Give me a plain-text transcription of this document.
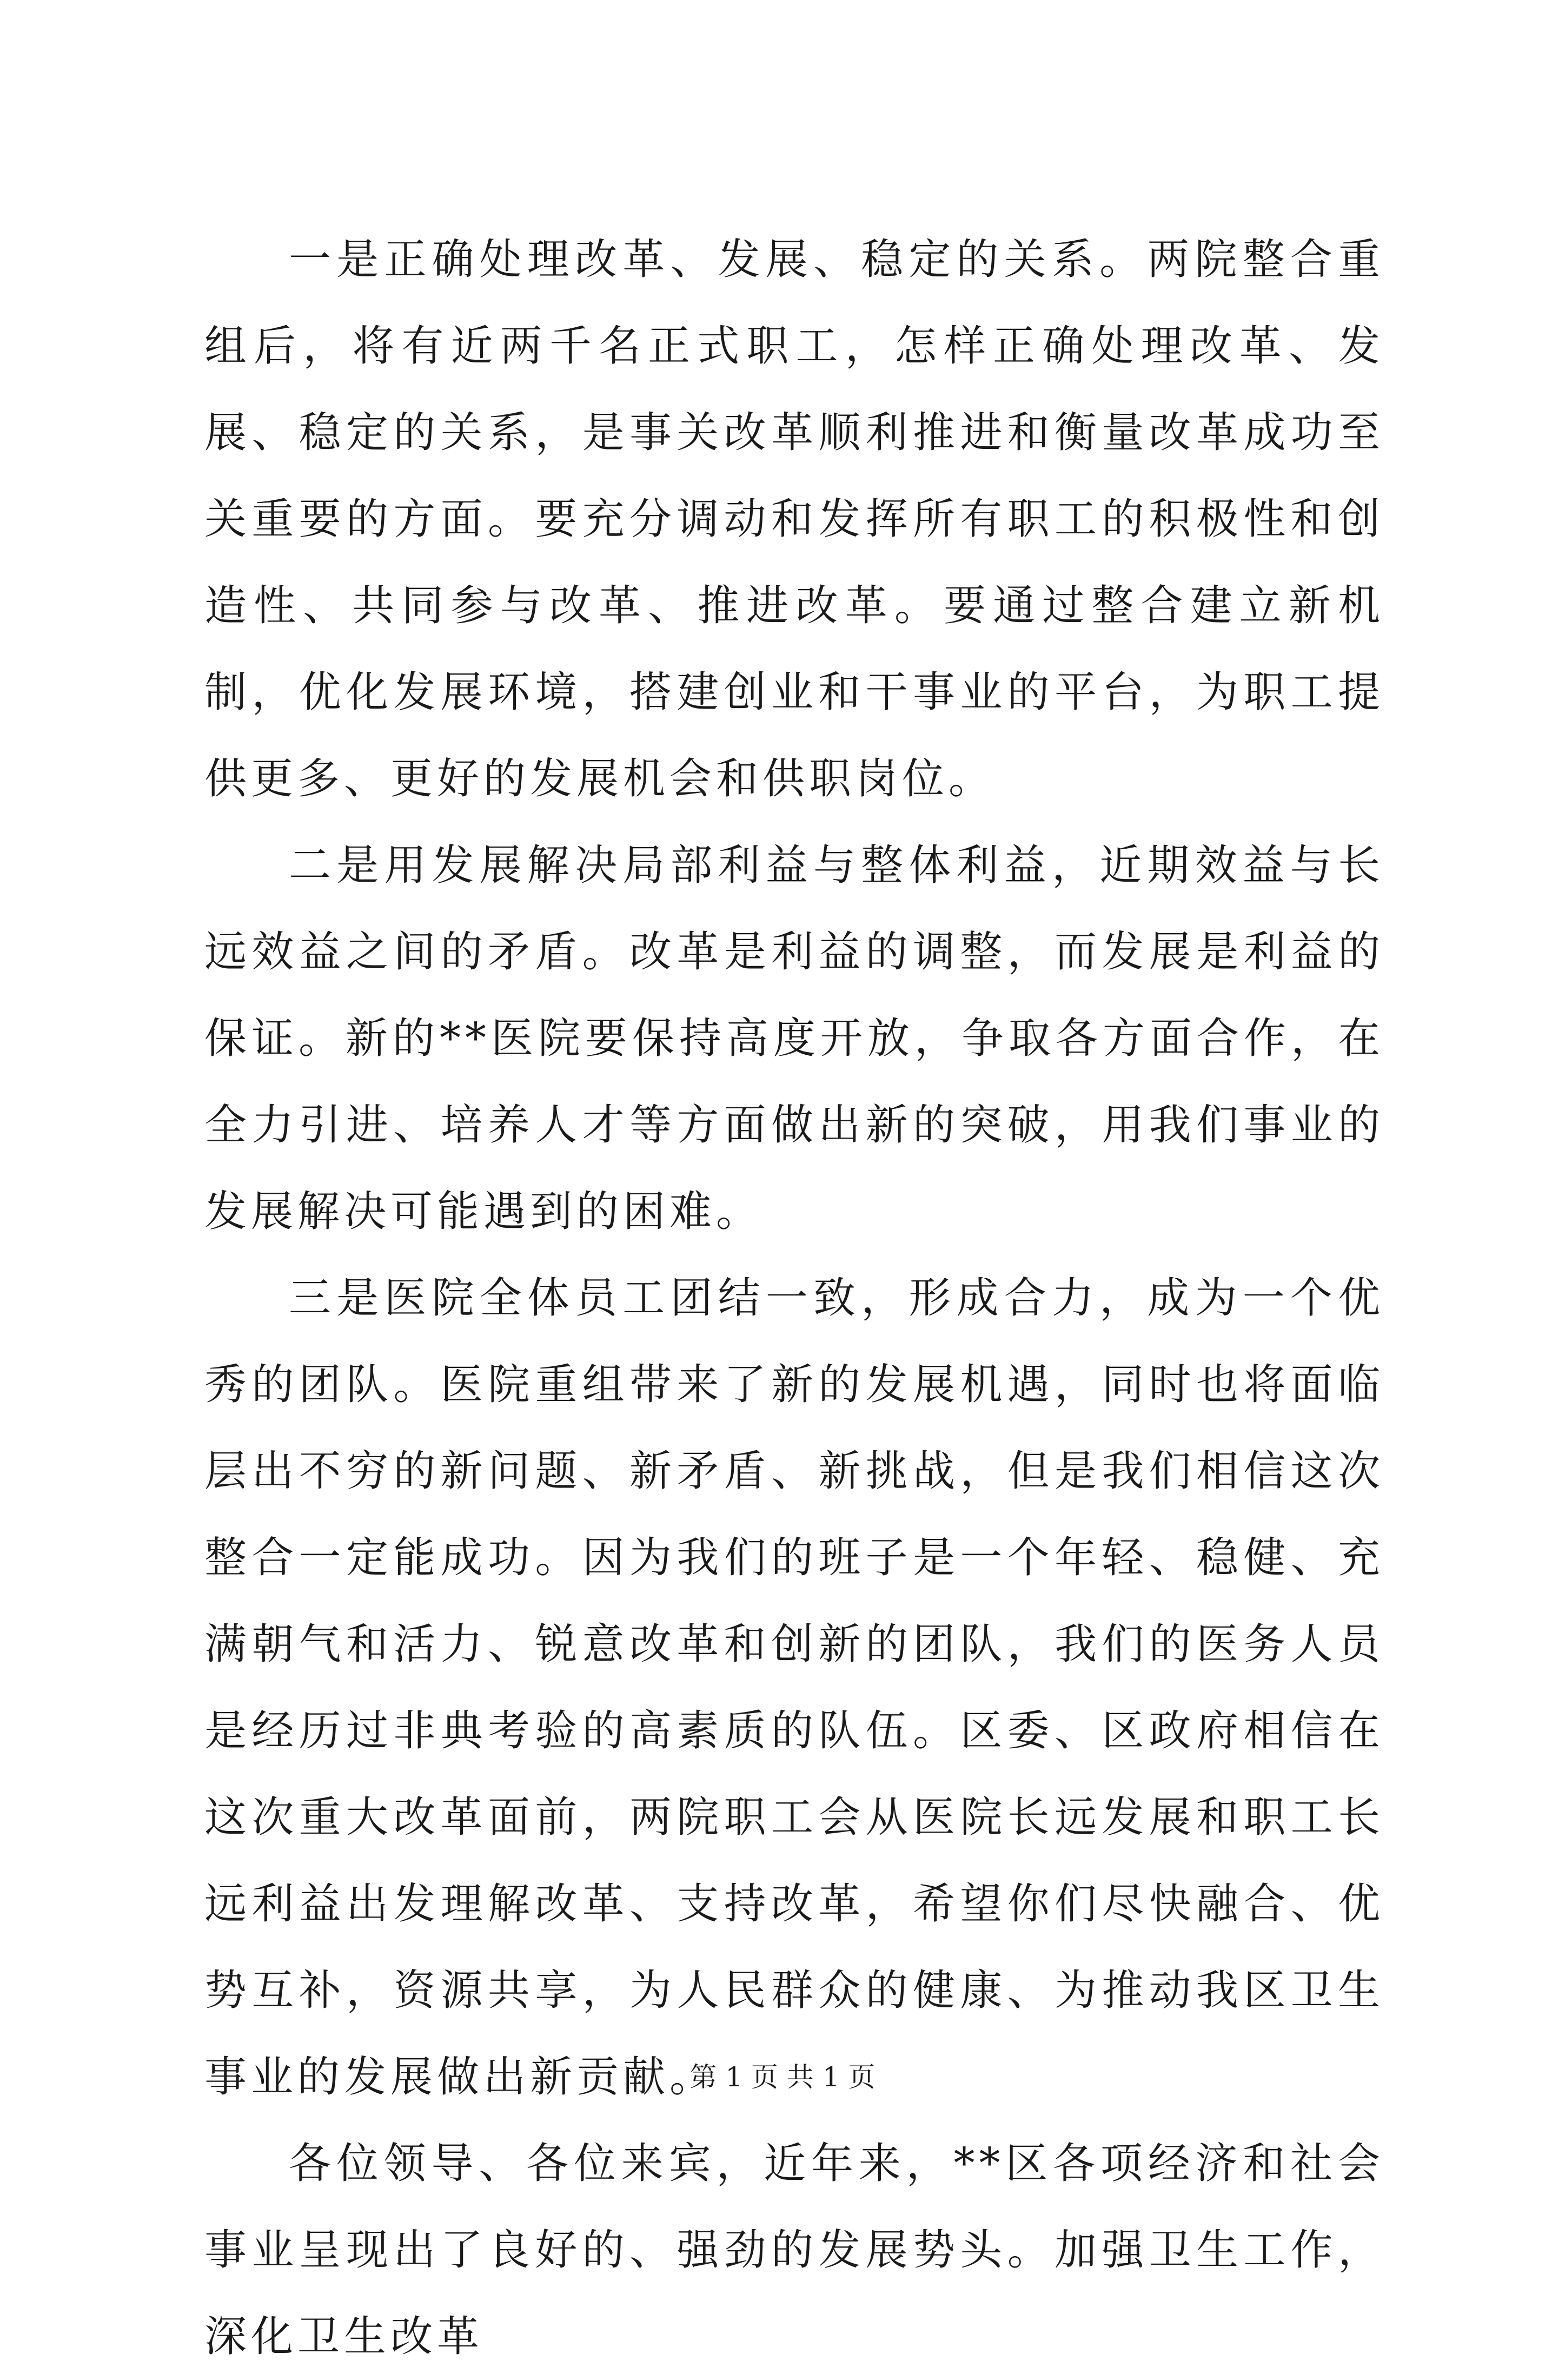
一是正确处理改革、发展、稳定的关系。两院整合重组后，将有近两千名正式职工，怎样正确处理改革、发展、稳定的关系，是事关改革顺利推进和衡量改革成功至关重要的方面。要充分调动和发挥所有职工的积极性和创造性、共同参与改革、推进改革。要通过整合建立新机制，优化发展环境，搭建创业和干事业的平台，为职工提供更多、更好的发展机会和供职岗位。

二是用发展解决局部利益与整体利益，近期效益与长远效益之间的矛盾。改革是利益的调整，而发展是利益的保证。新的**医院要保持高度开放，争取各方面合作，在全力引进、培养人才等方面做出新的突破，用我们事业的发展解决可能遇到的困难。

三是医院全体员工团结一致，形成合力，成为一个优秀的团队。医院重组带来了新的发展机遇，同时也将面临层出不穷的新问题、新矛盾、新挑战，但是我们相信这次整合一定能成功。因为我们的班子是一个年轻、稳健、充满朝气和活力、锐意改革和创新的团队，我们的医务人员是经历过非典考验的高素质的队伍。区委、区政府相信在这次重大改革面前，两院职工会从医院长远发展和职工长远利益出发理解改革、支持改革，希望你们尽快融合、优势互补，资源共享，为人民群众的健康、为推动我区卫生事业的发展做出新贡献。

各位领导、各位来宾，近年来，**区各项经济和社会事业呈现出了良好的、强劲的发展势头。加强卫生工作，深化卫生改革

第 1 页 共 1 页
